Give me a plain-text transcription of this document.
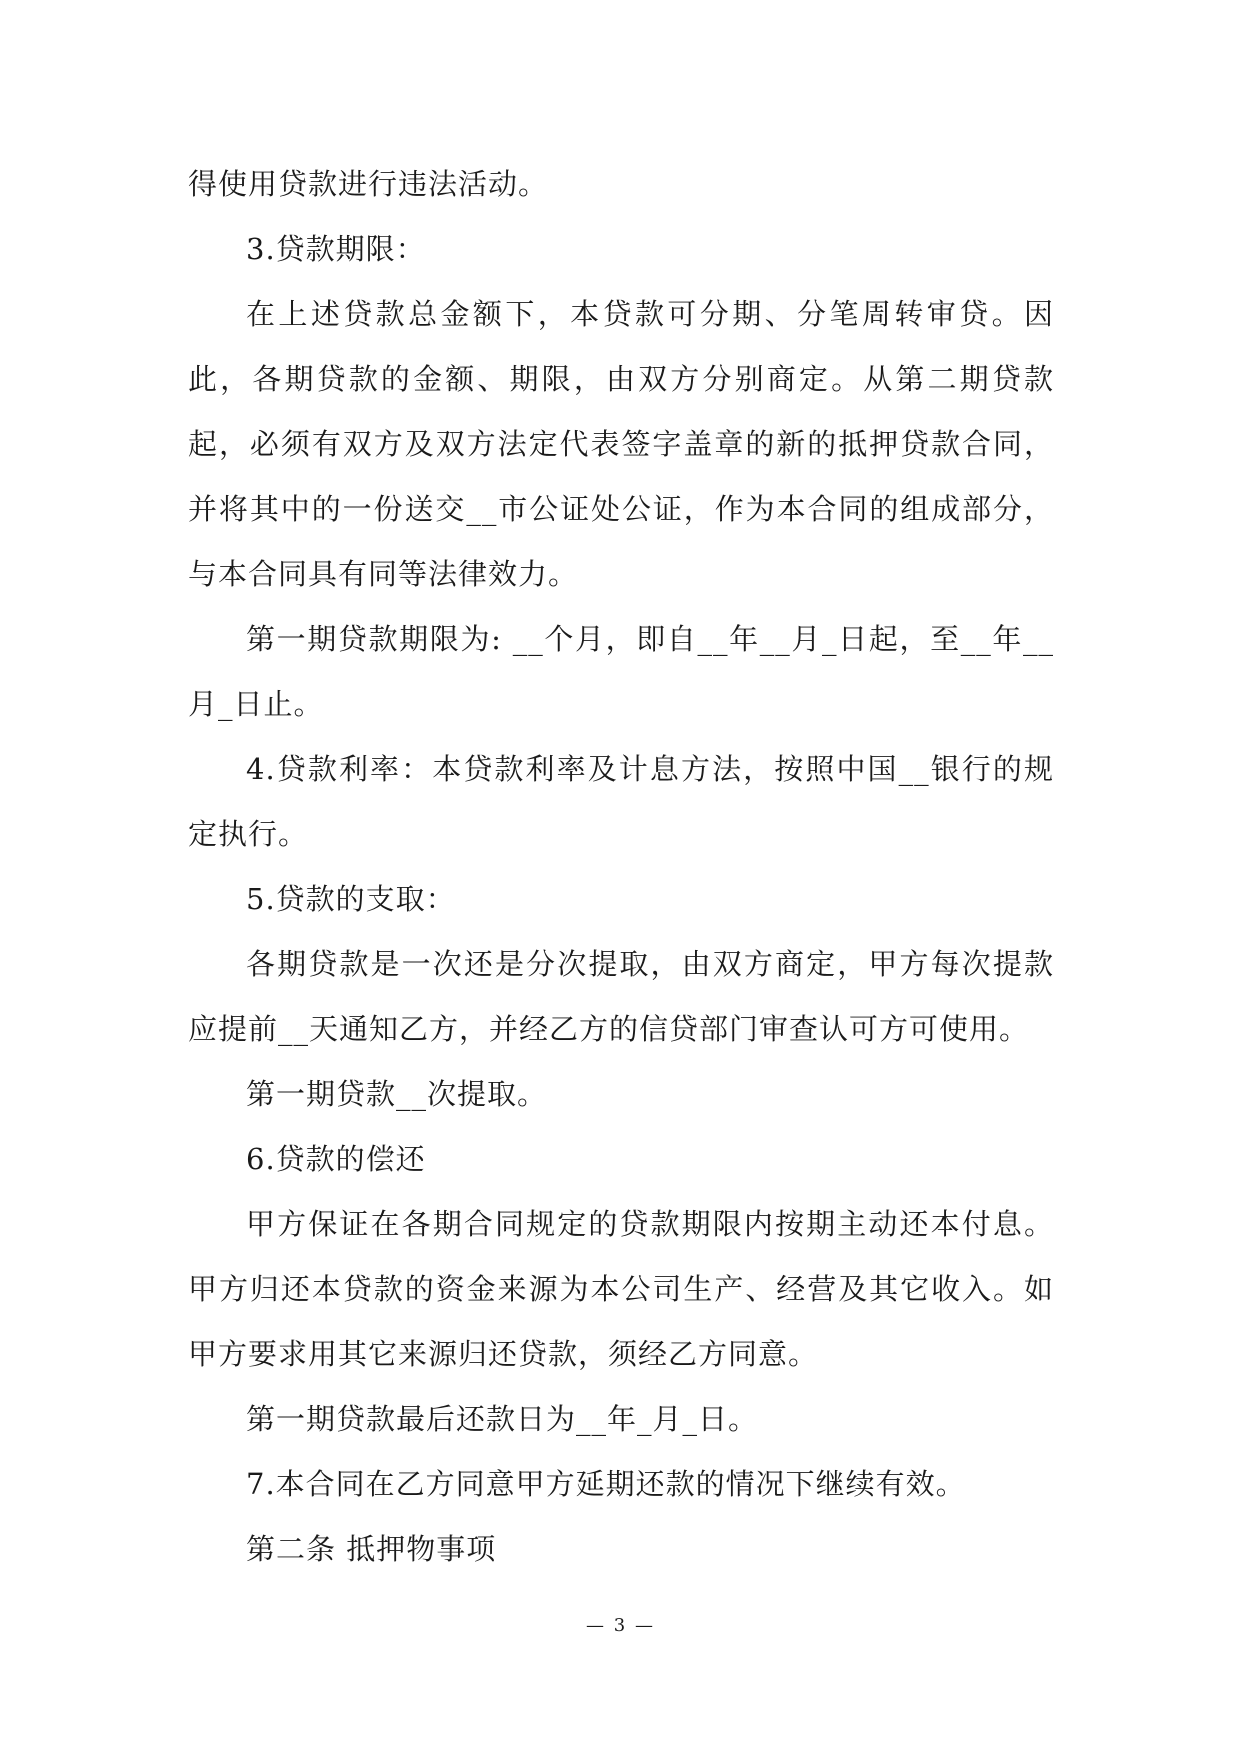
得使用贷款进行违法活动。

3.贷款期限：

在上述贷款总金额下，本贷款可分期、分笔周转审贷。因此，各期贷款的金额、期限，由双方分别商定。从第二期贷款起，必须有双方及双方法定代表签字盖章的新的抵押贷款合同，并将其中的一份送交__市公证处公证，作为本合同的组成部分，与本合同具有同等法律效力。

第一期贷款期限为: __个月，即自__年__月_日起，至__年__月_日止。

4.贷款利率：本贷款利率及计息方法，按照中国__银行的规定执行。

5.贷款的支取：

各期贷款是一次还是分次提取，由双方商定，甲方每次提款应提前__天通知乙方，并经乙方的信贷部门审查认可方可使用。

第一期贷款__次提取。

6.贷款的偿还

甲方保证在各期合同规定的贷款期限内按期主动还本付息。甲方归还本贷款的资金来源为本公司生产、经营及其它收入。如甲方要求用其它来源归还贷款，须经乙方同意。

第一期贷款最后还款日为__年_月_日。

7.本合同在乙方同意甲方延期还款的情况下继续有效。

第二条 抵押物事项

— 3 —
